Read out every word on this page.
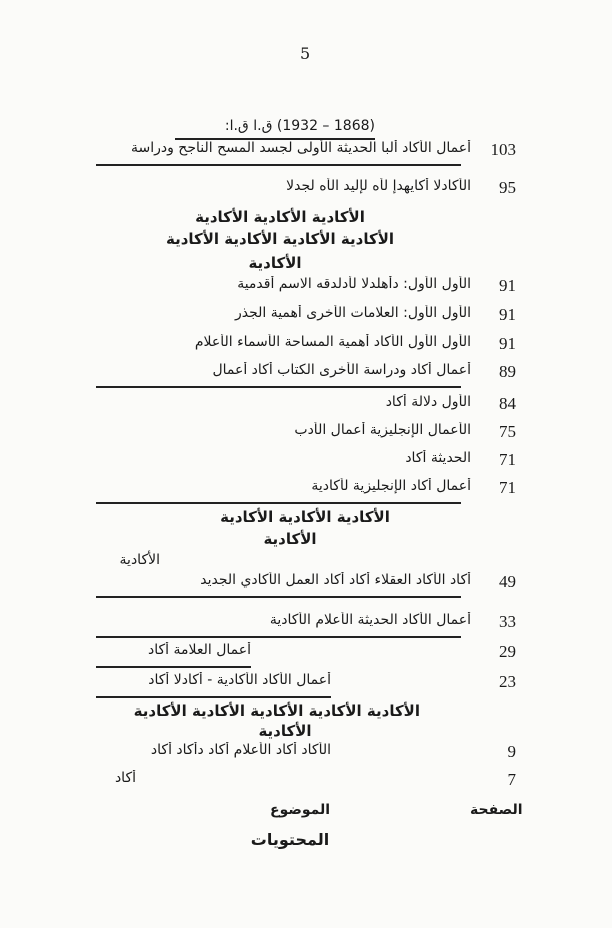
5
(1868 – 1932) ق.ا ق.ا:
103
أعمال الأكاد ألبا الحديثة الأولى لجسد المسح الناجح ودراسة
95
الأكادلا أكايهدإ لأه لإليد الأه لجدلا
الأكادية الأكادية الأكادية
الأكادية الأكادية الأكادية الأكادية
الأكادية
91
الأول الأول: دأهلدلا لأدلدقه الاسم أقدمية
91
الأول الأول: العلامات الأخرى أهمية الجذر
91
الأول الأول الأكاد أهمية المساحة الأسماء الأعلام
89
أعمال أكاد ودراسة الأخرى الكتاب أكاد أعمال
84
الأول دلالة أكاد
75
الأعمال الإنجليزية أعمال الأدب
71
الحديثة أكاد
71
أعمال أكاد الإنجليزية لأكادية
الأكادية الأكادية الأكادية
الأكادية
الأكادية
49
أكاد الأكاد العقلاء أكاد أكاد العمل الأكادي الجديد
33
أعمال الأكاد الحديثة الأعلام الأكادية
29
أعمال العلامة أكاد
23
أعمال الأكاد الأكادية - أكادلا أكاد
الأكادية الأكادية الأكادية الأكادية الأكادية
الأكادية
9
الأكاد أكاد الأعلام أكاد دأكاد أكاد
7
أكاد
الصفحة
الموضوع
المحتويات
